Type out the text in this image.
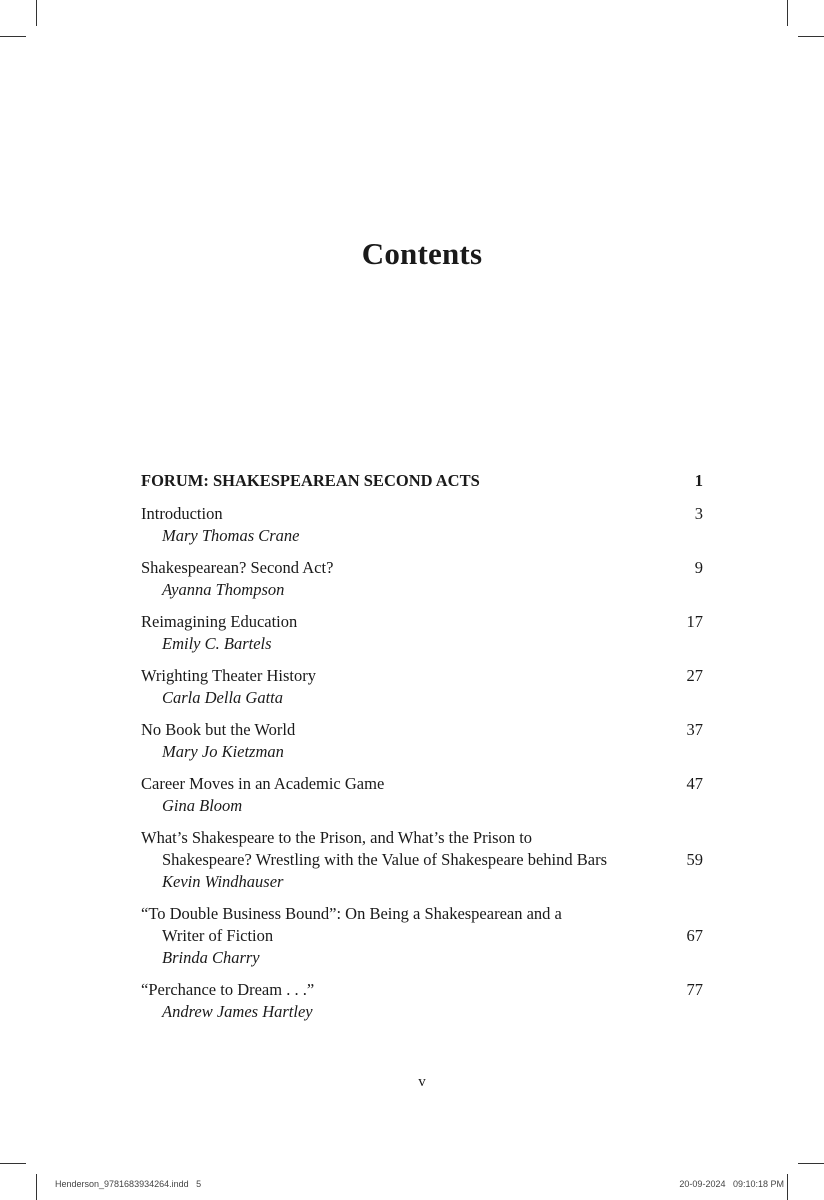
Contents
FORUM: SHAKESPEAREAN SECOND ACTS	1
Introduction	3
Mary Thomas Crane
Shakespearean? Second Act?	9
Ayanna Thompson
Reimagining Education	17
Emily C. Bartels
Wrighting Theater History	27
Carla Della Gatta
No Book but the World	37
Mary Jo Kietzman
Career Moves in an Academic Game	47
Gina Bloom
What’s Shakespeare to the Prison, and What’s the Prison to
Shakespeare? Wrestling with the Value of Shakespeare behind Bars	59
Kevin Windhauser
“To Double Business Bound”: On Being a Shakespearean and a
Writer of Fiction	67
Brinda Charry
“Perchance to Dream . . .”	77
Andrew James Hartley
v
Henderson_9781683934264.indd   5	20-09-2024   09:10:18 PM
